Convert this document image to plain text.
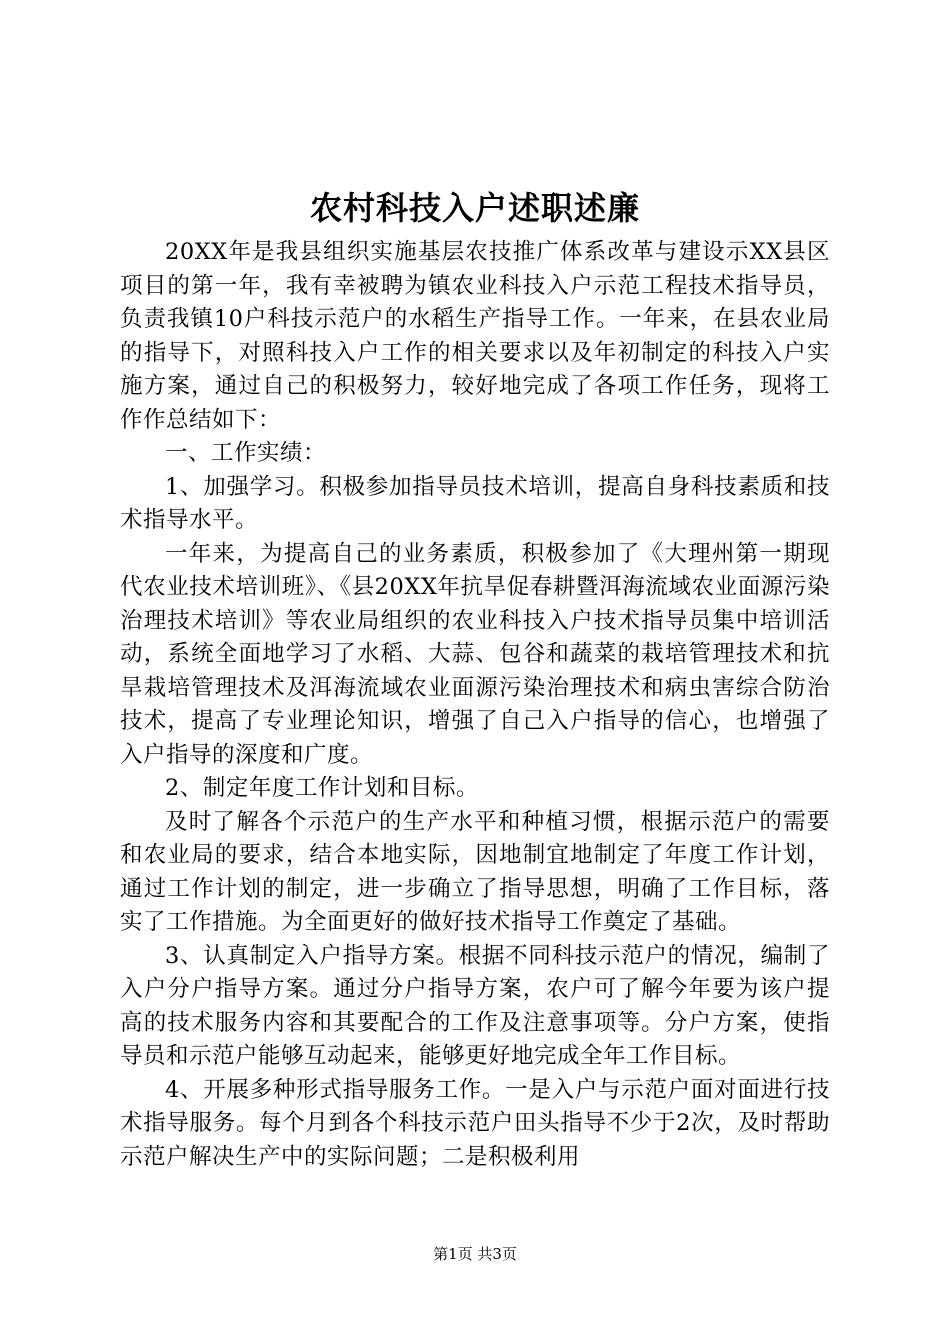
农村科技入户述职述廉

20XX年是我县组织实施基层农技推广体系改革与建设示XX县区项目的第一年，我有幸被聘为镇农业科技入户示范工程技术指导员，负责我镇10户科技示范户的水稻生产指导工作。一年来，在县农业局的指导下，对照科技入户工作的相关要求以及年初制定的科技入户实施方案，通过自己的积极努力，较好地完成了各项工作任务，现将工作作总结如下：

一、工作实绩：

1、加强学习。积极参加指导员技术培训，提高自身科技素质和技术指导水平。

一年来，为提高自己的业务素质，积极参加了《大理州第一期现代农业技术培训班》、《县20XX年抗旱促春耕暨洱海流域农业面源污染治理技术培训》等农业局组织的农业科技入户技术指导员集中培训活动，系统全面地学习了水稻、大蒜、包谷和蔬菜的栽培管理技术和抗旱栽培管理技术及洱海流域农业面源污染治理技术和病虫害综合防治技术，提高了专业理论知识，增强了自己入户指导的信心，也增强了入户指导的深度和广度。

2、制定年度工作计划和目标。

及时了解各个示范户的生产水平和种植习惯，根据示范户的需要和农业局的要求，结合本地实际，因地制宜地制定了年度工作计划，通过工作计划的制定，进一步确立了指导思想，明确了工作目标，落实了工作措施。为全面更好的做好技术指导工作奠定了基础。

3、认真制定入户指导方案。根据不同科技示范户的情况，编制了入户分户指导方案。通过分户指导方案，农户可了解今年要为该户提高的技术服务内容和其要配合的工作及注意事项等。分户方案，使指导员和示范户能够互动起来，能够更好地完成全年工作目标。

4、开展多种形式指导服务工作。一是入户与示范户面对面进行技术指导服务。每个月到各个科技示范户田头指导不少于2次，及时帮助示范户解决生产中的实际问题；二是积极利用

第1页 共3页
